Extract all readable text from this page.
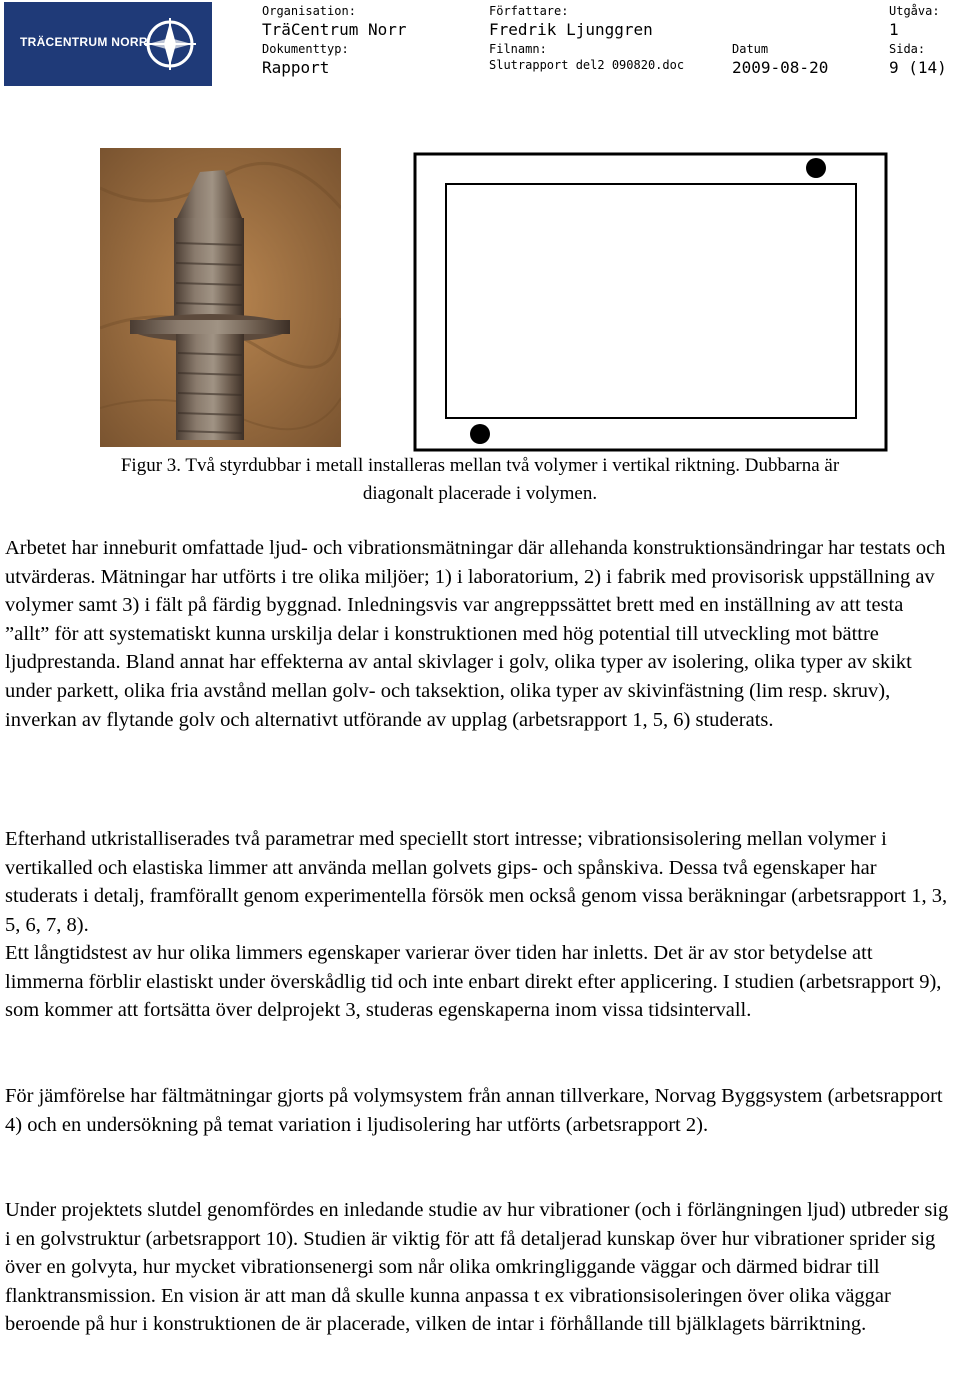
TRÄCENTRUM NORR
Organisation:
TräCentrum Norr
Författare:
Fredrik Ljunggren
Utgåva:
1
Dokumenttyp:
Rapport
Filnamn:
Slutrapport del2 090820.doc
Datum
2009-08-20
Sida:
9 (14)
Figur 3. Två styrdubbar i metall installeras mellan två volymer i vertikal riktning. Dubbarna är
diagonalt placerade i volymen.

Arbetet har inneburit omfattade ljud- och vibrationsmätningar där allehanda konstruktionsändringar har testats och utvärderas. Mätningar har utförts i tre olika miljöer; 1) i laboratorium, 2) i fabrik med provisorisk uppställning av volymer samt 3) i fält på färdig byggnad. Inledningsvis var angreppssättet brett med en inställning av att testa ”allt” för att systematiskt kunna urskilja delar i konstruktionen med hög potential till utveckling mot bättre ljudprestanda. Bland annat har effekterna av antal skivlager i golv, olika typer av isolering, olika typer av skikt under parkett, olika fria avstånd mellan golv- och taksektion, olika typer av skivinfästning (lim resp. skruv), inverkan av flytande golv och alternativt utförande av upplag (arbetsrapport 1, 5, 6) studerats.

Efterhand utkristalliserades två parametrar med speciellt stort intresse; vibrationsisolering mellan volymer i vertikalled och elastiska limmer att använda mellan golvets gips- och spånskiva. Dessa två egenskaper har studerats i detalj, framförallt genom experimentella försök men också genom vissa beräkningar (arbetsrapport 1, 3, 5, 6, 7, 8).

Ett långtidstest av hur olika limmers egenskaper varierar över tiden har inletts. Det är av stor betydelse att limmerna förblir elastiskt under överskådlig tid och inte enbart direkt efter applicering. I studien (arbetsrapport 9), som kommer att fortsätta över delprojekt 3, studeras egenskaperna inom vissa tidsintervall.

För jämförelse har fältmätningar gjorts på volymsystem från annan tillverkare, Norvag Byggsystem (arbetsrapport 4) och en undersökning på temat variation i ljudisolering har utförts (arbetsrapport 2).

Under projektets slutdel genomfördes en inledande studie av hur vibrationer (och i förlängningen ljud) utbreder sig i en golvstruktur (arbetsrapport 10). Studien är viktig för att få detaljerad kunskap över hur vibrationer sprider sig över en golvyta, hur mycket vibrationsenergi som når olika omkringliggande väggar och därmed bidrar till flanktransmission. En vision är att man då skulle kunna anpassa t ex vibrationsisoleringen över olika väggar beroende på hur i konstruktionen de är placerade, vilken de intar i förhållande till bjälklagets bärriktning.
